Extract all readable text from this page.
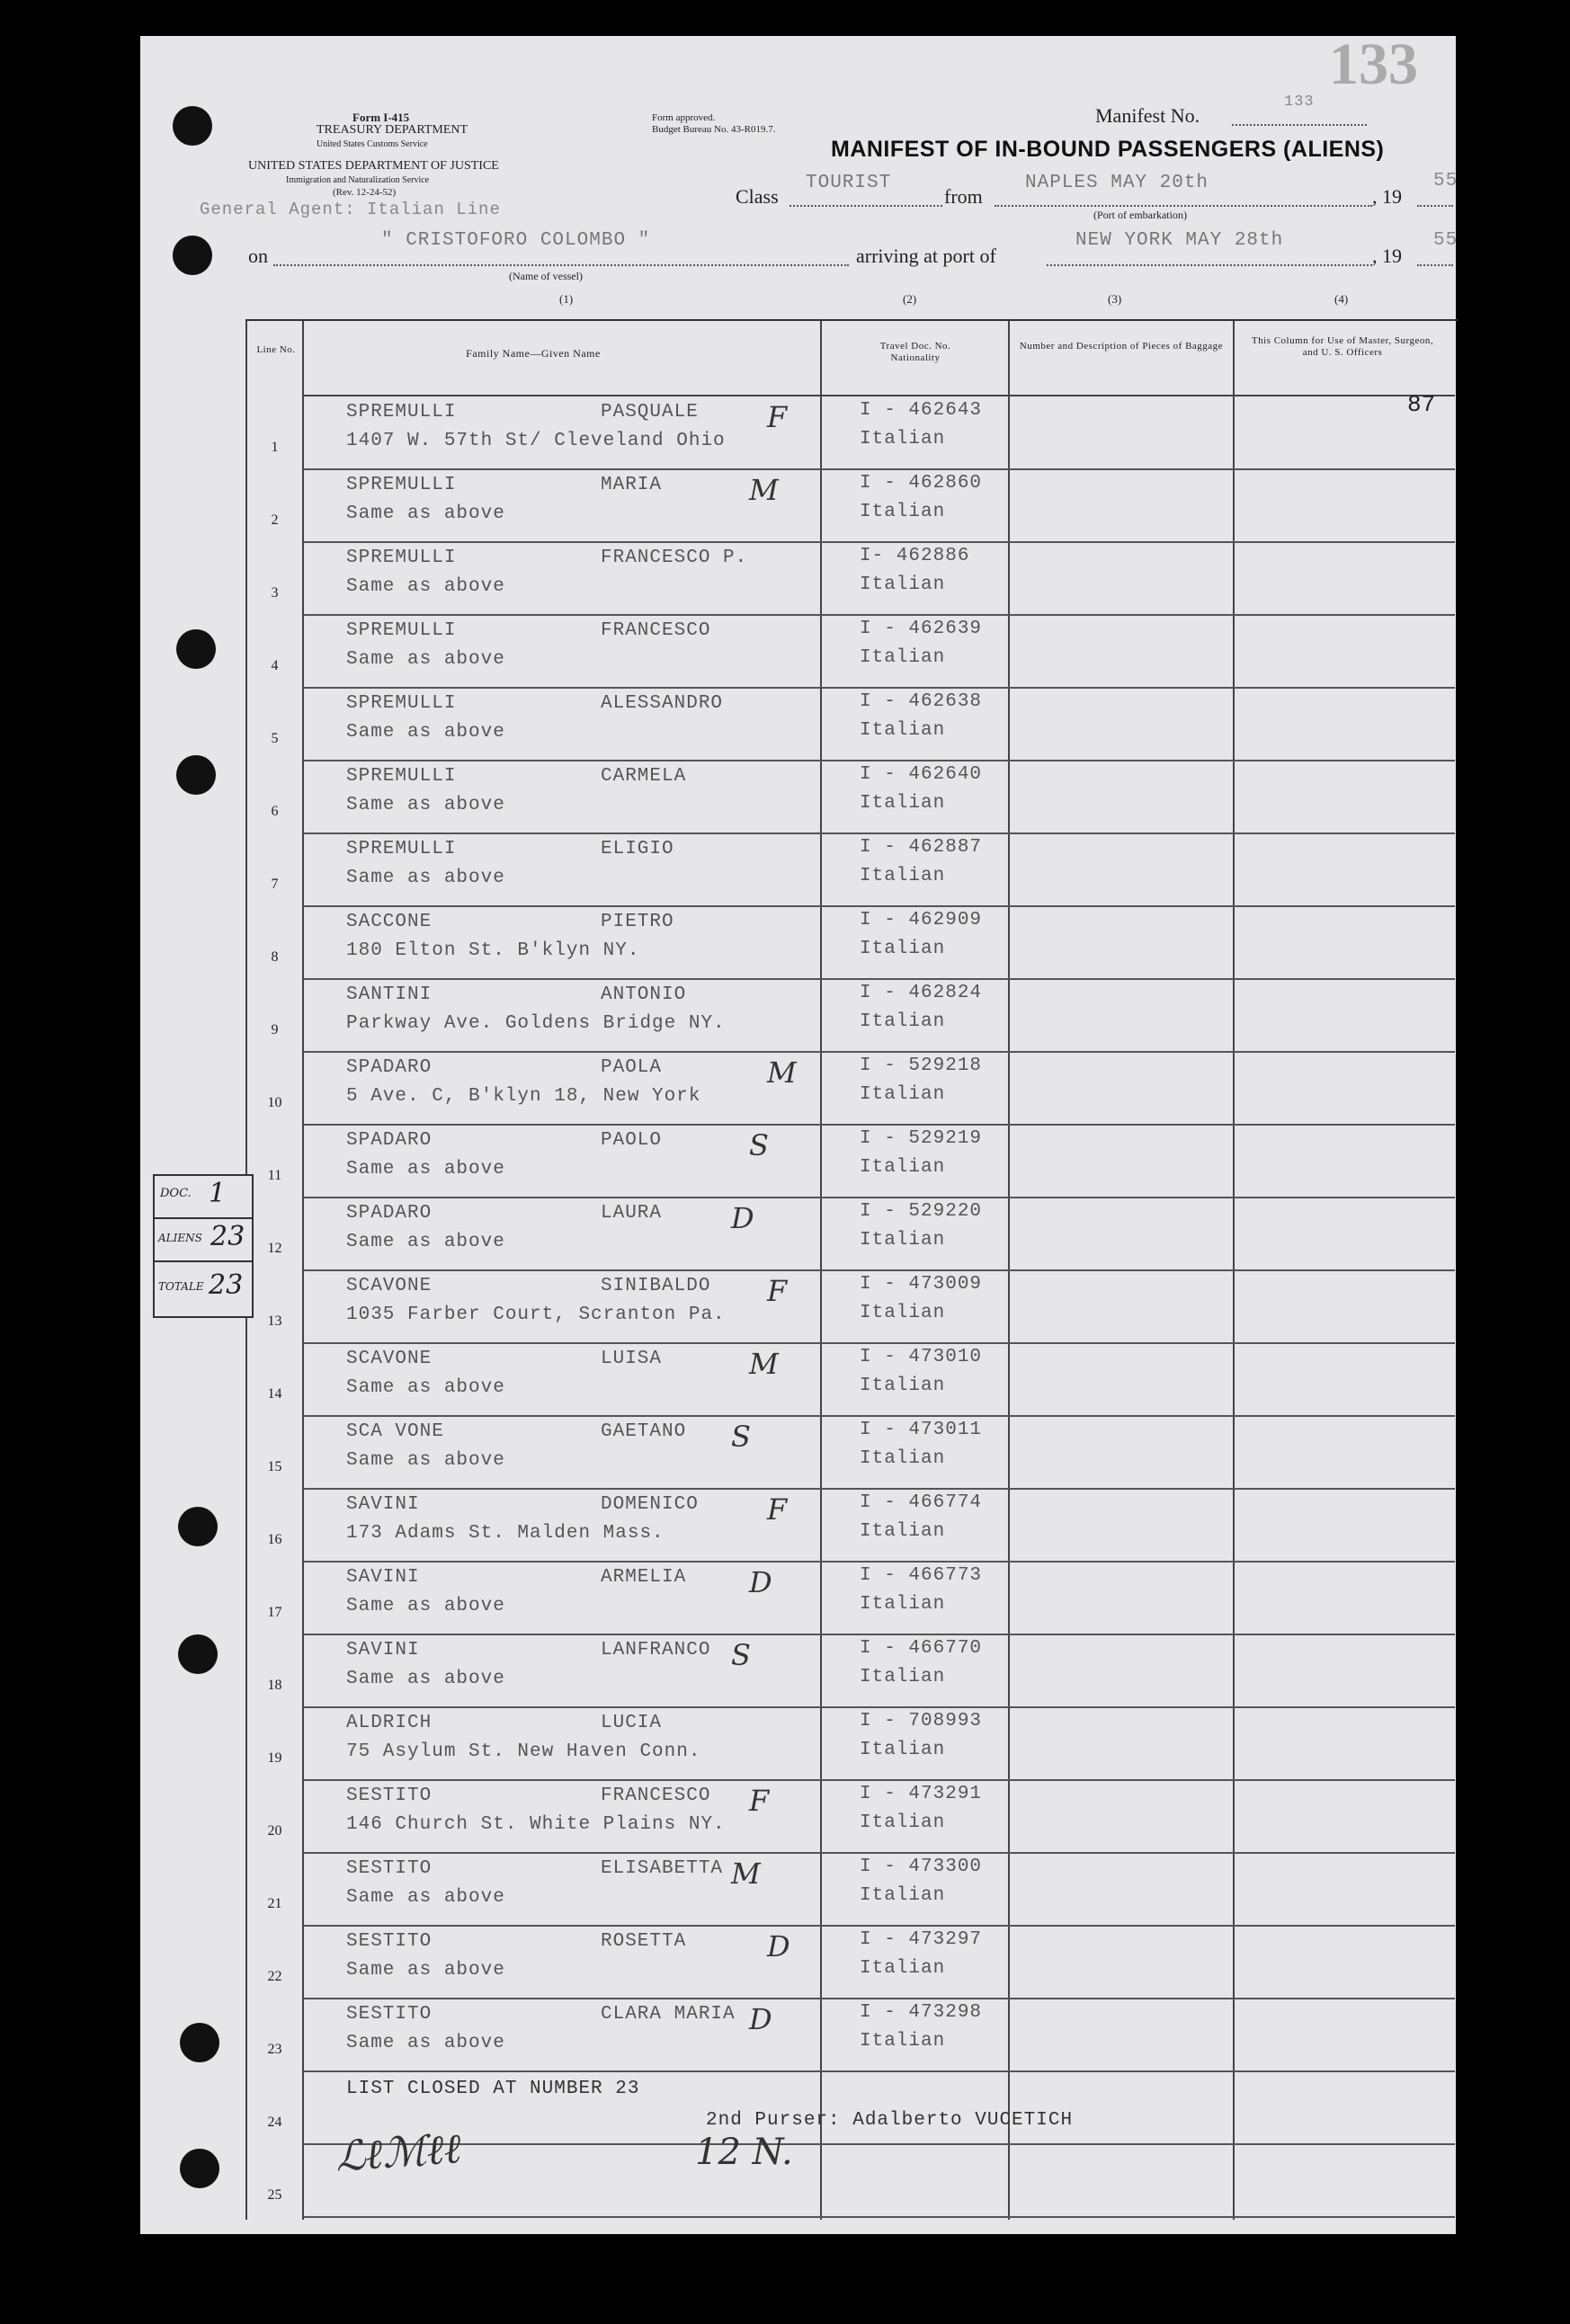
Form I-415
TREASURY DEPARTMENT
United States Customs Service
Form approved.
Budget Bureau No. 43-R019.7.
UNITED STATES DEPARTMENT OF JUSTICE
Immigration and Naturalization Service
(Rev. 12-24-52)
General Agent: Italian Line
Manifest No.
133
133
MANIFEST OF IN-BOUND PASSENGERS (ALIENS)
Class
TOURIST
from
NAPLES MAY 20th
, 19
55
(Port of embarkation)
on
" CRISTOFORO COLOMBO "
arriving at port of
NEW YORK MAY 28th
, 19
55
(Name of vessel)
(1)	(2)	(3)	(4)
Line No.	Family Name—Given Name
Travel Doc. No. Nationality
Number and Description of Pieces of Baggage	This Column for Use of Master, Surgeon, and U. S. Officers
87
1
SPREMULLI	PASQUALE
1407 W. 57th St/ Cleveland Ohio
I - 462643
Italian
F
2
SPREMULLI	MARIA
Same as above
I - 462860
Italian
M
3
SPREMULLI	FRANCESCO P.
Same as above
I- 462886
Italian
4
SPREMULLI	FRANCESCO
Same as above
I - 462639
Italian
5
SPREMULLI	ALESSANDRO
Same as above
I - 462638
Italian
6
SPREMULLI	CARMELA
Same as above
I - 462640
Italian
7
SPREMULLI	ELIGIO
Same as above
I - 462887
Italian
8
SACCONE	PIETRO
180 Elton St. B'klyn NY.
I - 462909
Italian
9
SANTINI	ANTONIO
Parkway Ave. Goldens Bridge NY.
I - 462824
Italian
10
SPADARO	PAOLA
5 Ave. C, B'klyn 18, New York
I - 529218
Italian
M
11
SPADARO	PAOLO
Same as above
I - 529219
Italian
S
12
SPADARO	LAURA
Same as above
I - 529220
Italian
D
13
SCAVONE	SINIBALDO
1035 Farber Court, Scranton Pa.
I - 473009
Italian
F
14
SCAVONE	LUISA
Same as above
I - 473010
Italian
M
15
SCA VONE	GAETANO
Same as above
I - 473011
Italian
S
16
SAVINI	DOMENICO
173 Adams St. Malden Mass.
I - 466774
Italian
F
17
SAVINI	ARMELIA
Same as above
I - 466773
Italian
D
18
SAVINI	LANFRANCO
Same as above
I - 466770
Italian
S
19
ALDRICH	LUCIA
75 Asylum St. New Haven Conn.
I - 708993
Italian
20
SESTITO	FRANCESCO
146 Church St. White Plains NY.
I - 473291
Italian
F
21
SESTITO	ELISABETTA
Same as above
I - 473300
Italian
M
22
SESTITO	ROSETTA
Same as above
I - 473297
Italian
D
23
SESTITO	CLARA MARIA
Same as above
I - 473298
Italian
D
24
25
LIST CLOSED AT NUMBER 23
2nd Purser: Adalberto VUCETICH
ℒℓℳℓℓ	12 N.
DOC. 1
ALIENS 23
TOTALE 23
